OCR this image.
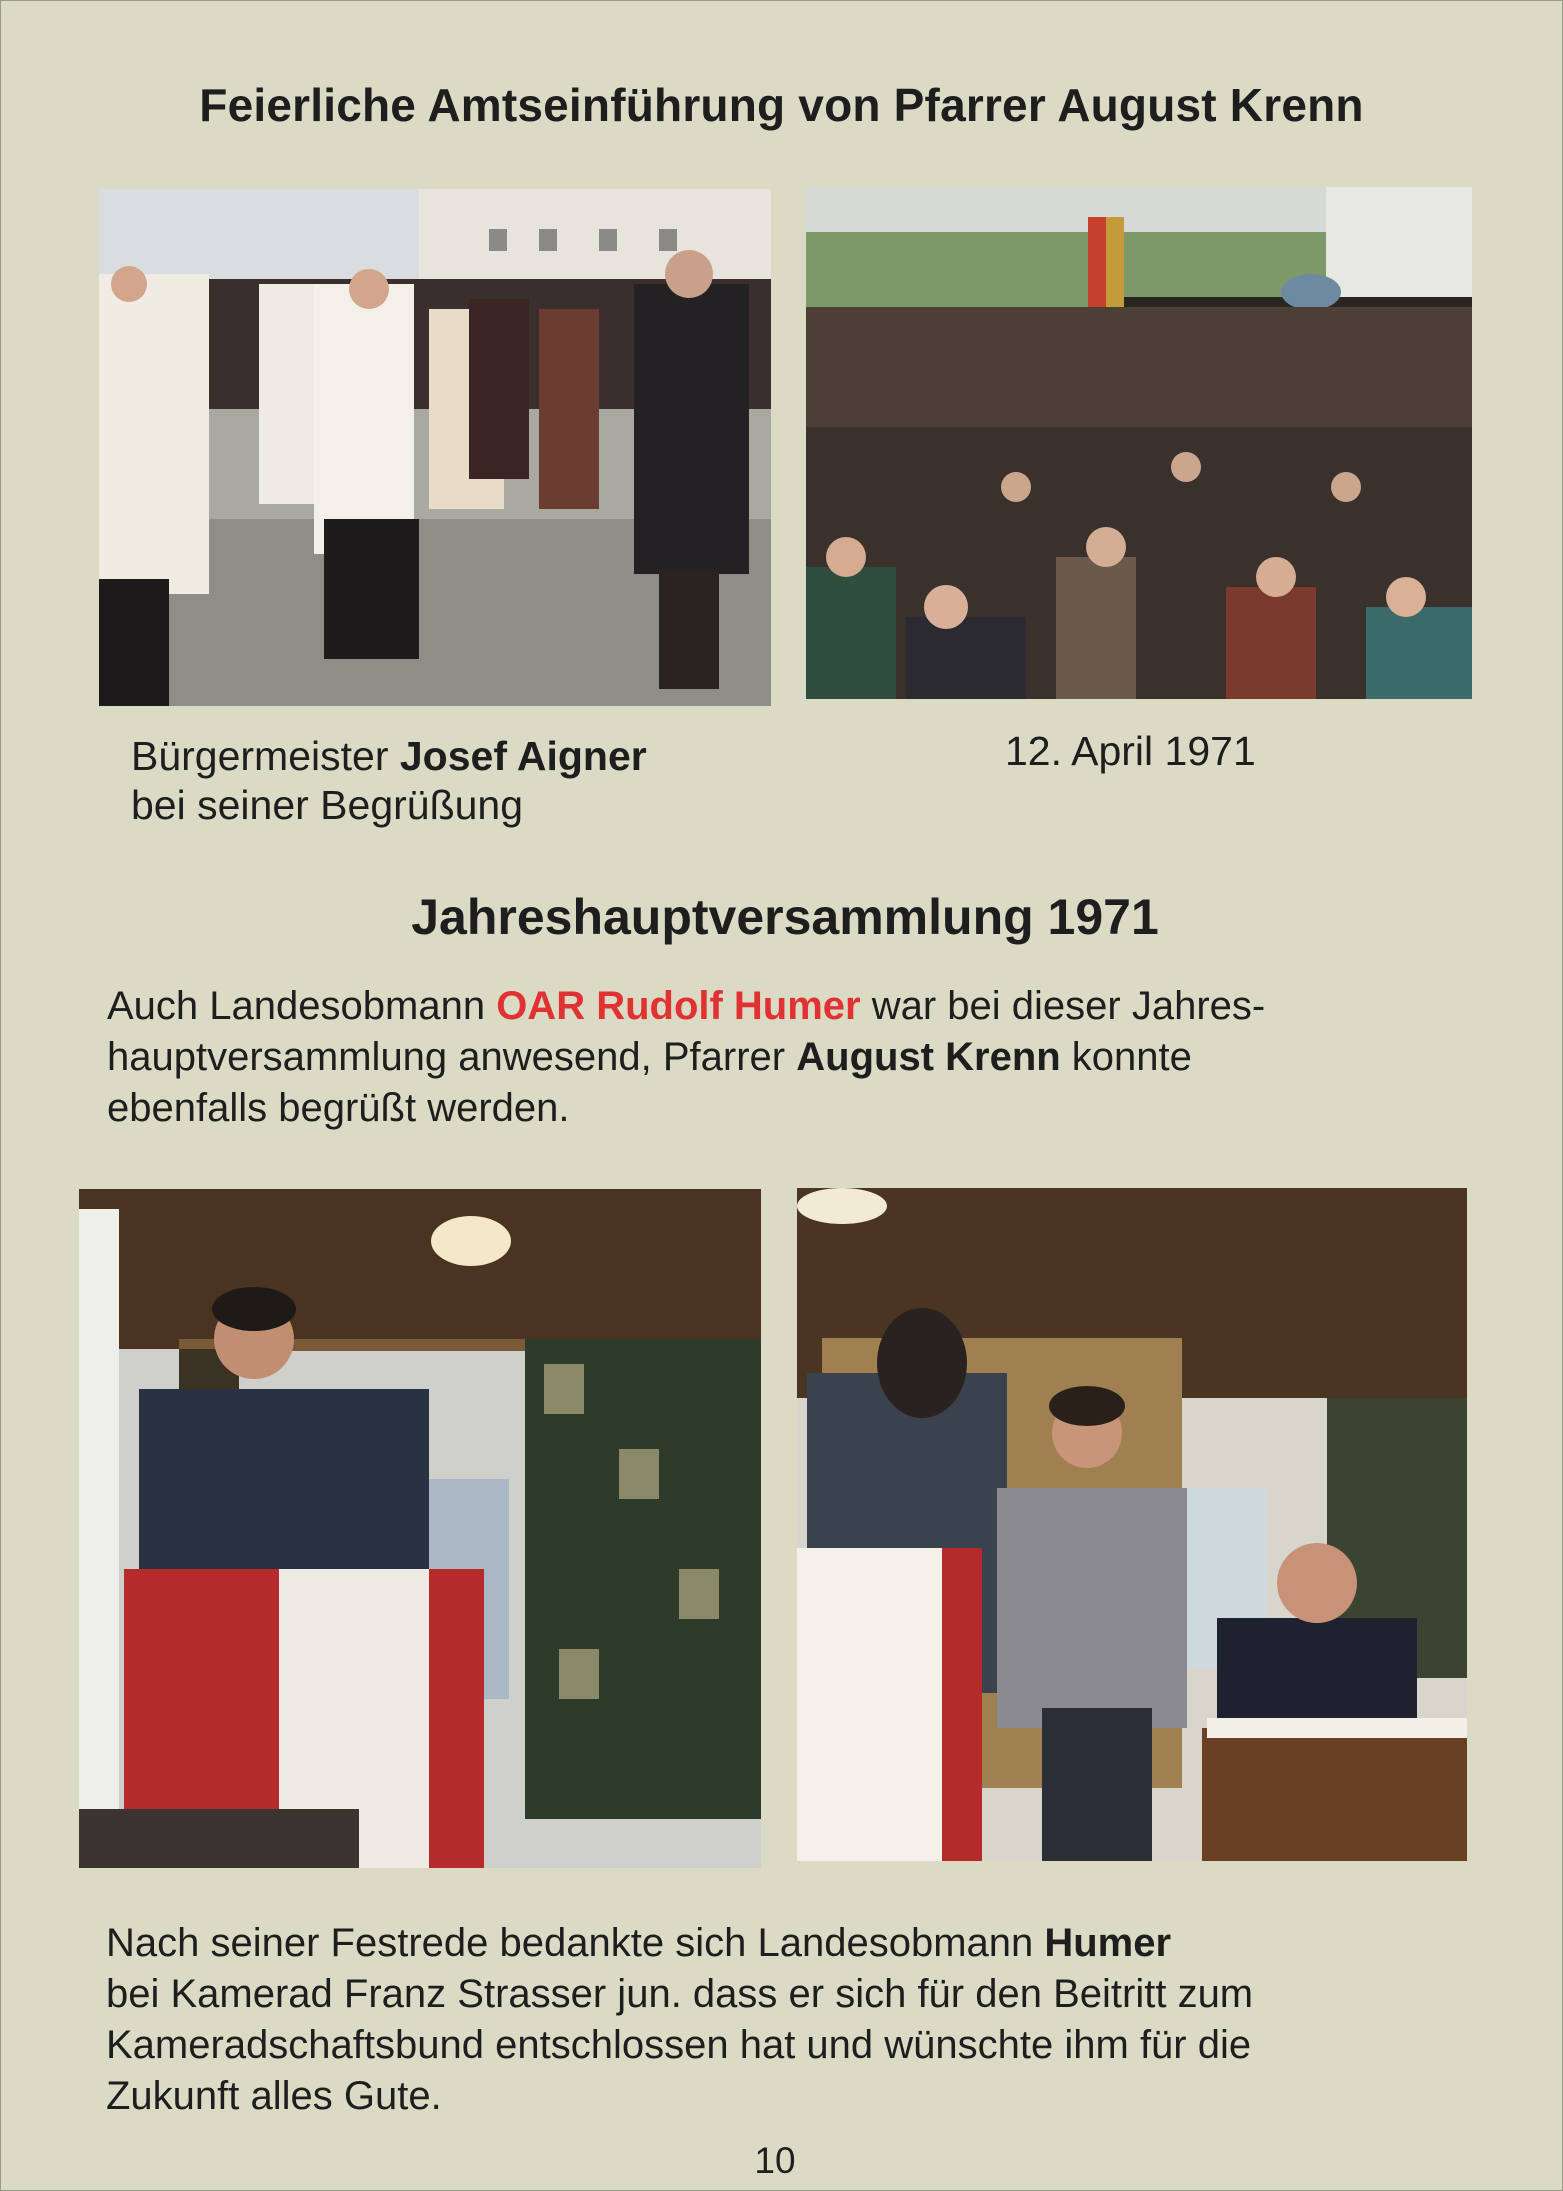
Feierliche Amtseinführung von Pfarrer August Krenn

Bürgermeister Josef Aigner
bei seiner Begrüßung

12. April 1971

Jahreshauptversammlung 1971

Auch Landesobmann OAR Rudolf Humer war bei dieser Jahres-
hauptversammlung anwesend, Pfarrer August Krenn konnte
ebenfalls begrüßt werden.

Nach seiner Festrede bedankte sich Landesobmann Humer
bei Kamerad Franz Strasser jun. dass er sich für den Beitritt zum
Kameradschaftsbund entschlossen hat und wünschte ihm für die
Zukunft alles Gute.

10
